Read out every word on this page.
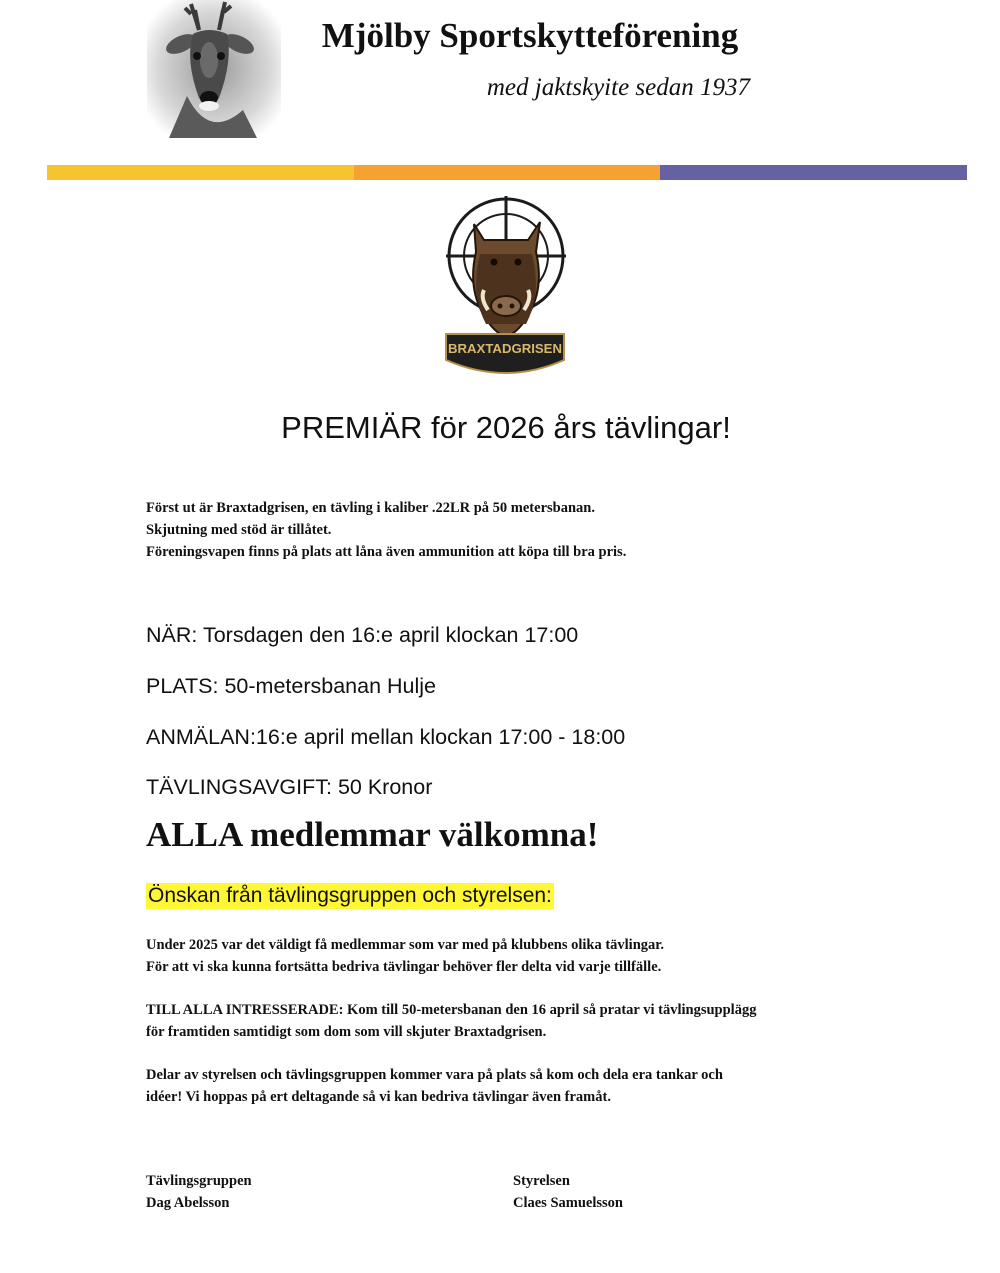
Mjölby Sportskytteförening
med jaktskyite sedan 1937
BRAXTADGRISEN
PREMIÄR för 2026 års tävlingar!
Först ut är Braxtadgrisen, en tävling i kaliber .22LR på 50 metersbanan.
Skjutning med stöd är tillåtet.
Föreningsvapen finns på plats att låna även ammunition att köpa till bra pris.
NÄR: Torsdagen den 16:e april klockan 17:00
PLATS: 50-metersbanan Hulje
ANMÄLAN:16:e april mellan klockan 17:00 - 18:00
TÄVLINGSAVGIFT: 50 Kronor
ALLA medlemmar välkomna!
Önskan från tävlingsgruppen och styrelsen:
Under 2025 var det väldigt få medlemmar som var med på klubbens olika tävlingar.
För att vi ska kunna fortsätta bedriva tävlingar behöver fler delta vid varje tillfälle.
TILL ALLA INTRESSERADE: Kom till 50-metersbanan den 16 april så pratar vi tävlingsupplägg
för framtiden samtidigt som dom som vill skjuter Braxtadgrisen.
Delar av styrelsen och tävlingsgruppen kommer vara på plats så kom och dela era tankar och
idéer! Vi hoppas på ert deltagande så vi kan bedriva tävlingar även framåt.
Tävlingsgruppen
Dag Abelsson
Styrelsen
Claes Samuelsson
